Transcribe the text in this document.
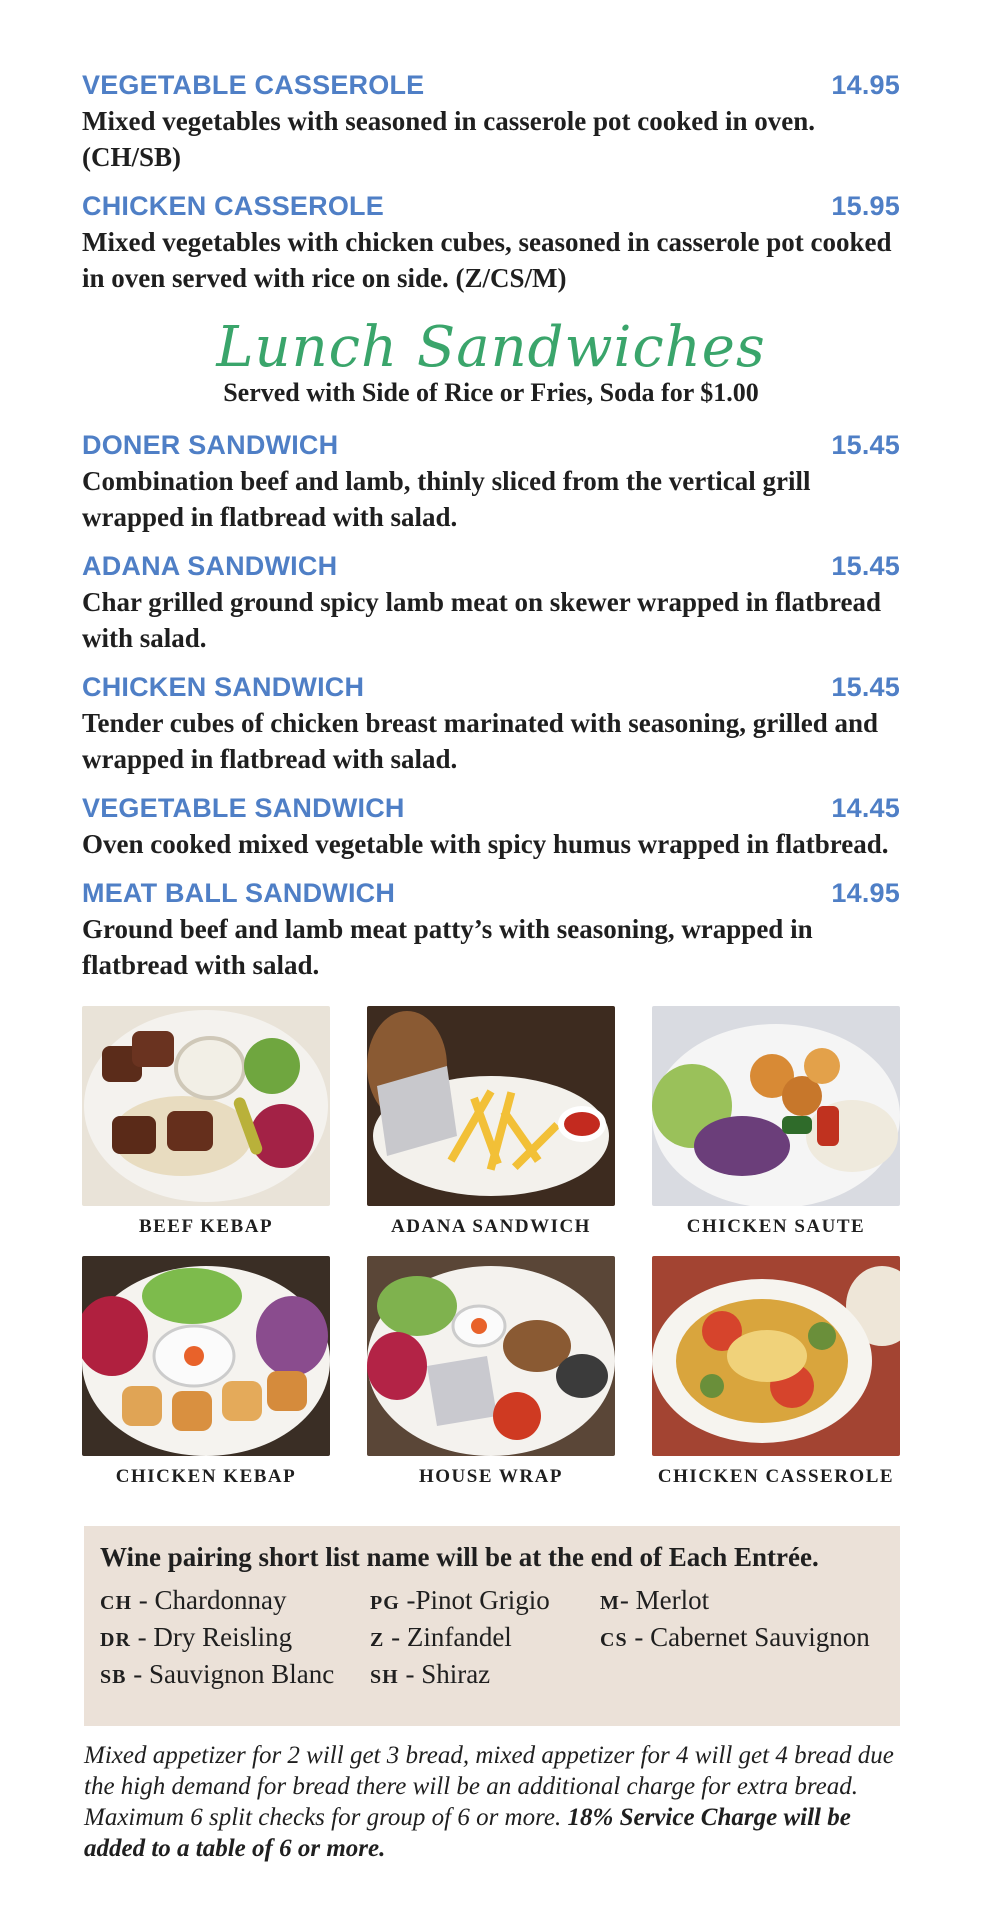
VEGETABLE CASSEROLE	14.95
Mixed vegetables with seasoned in casserole pot cooked in oven. (CH/SB)
CHICKEN CASSEROLE	15.95
Mixed vegetables with chicken cubes, seasoned in casserole pot cooked in oven served with rice on side. (Z/CS/M)
Lunch Sandwiches
Served with Side of Rice or Fries, Soda for $1.00
DONER SANDWICH	15.45
Combination beef and lamb, thinly sliced from the vertical grill wrapped in flatbread with salad.
ADANA SANDWICH	15.45
Char grilled ground spicy lamb meat on skewer wrapped in flatbread with salad.
CHICKEN SANDWICH	15.45
Tender cubes of chicken breast marinated with seasoning, grilled and wrapped in flatbread with salad.
VEGETABLE SANDWICH	14.45
Oven cooked mixed vegetable with spicy humus wrapped in flatbread.
MEAT BALL SANDWICH	14.95
Ground beef and lamb meat patty’s with seasoning, wrapped in flatbread with salad.
BEEF KEBAP	ADANA SANDWICH	CHICKEN SAUTE
CHICKEN KEBAP	HOUSE WRAP	CHICKEN CASSEROLE
Wine pairing short list name will be at the end of Each Entrée.
CH - Chardonnay	PG -Pinot Grigio	M- Merlot
DR - Dry Reisling	Z - Zinfandel	CS - Cabernet Sauvignon
SB - Sauvignon Blanc	SH - Shiraz
Mixed appetizer for 2 will get 3 bread, mixed appetizer for 4 will get 4 bread due the high demand for bread there will be an additional charge for extra bread. Maximum 6 split checks for group of 6 or more. 18% Service Charge will be added to a table of 6 or more.
